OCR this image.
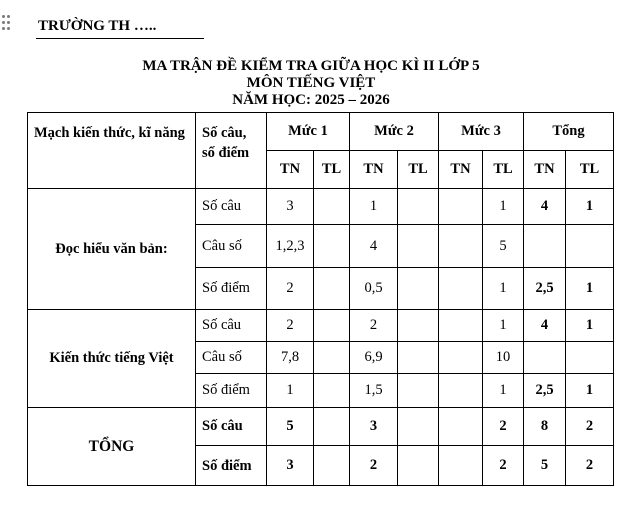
TRƯỜNG TH …..
MA TRẬN ĐỀ KIỂM TRA GIỮA HỌC KÌ II LỚP 5
MÔN TIẾNG VIỆT
NĂM HỌC: 2025 – 2026
Mạch kiến thức, kĩ năng	Số câu, số điểm	Mức 1		Mức 2		Mức 3		Tổng	
		TN	TL	TN	TL	TN	TL	TN	TL
Đọc hiểu văn bản:	Số câu	3		1			1	4	1
	Câu số	1,2,3		4			5		
	Số điểm	2		0,5			1	2,5	1
Kiến thức tiếng Việt	Số câu	2		2			1	4	1
	Câu số	7,8		6,9			10		
	Số điểm	1		1,5			1	2,5	1
TỔNG	Số câu	5		3			2	8	2
	Số điểm	3		2			2	5	2
